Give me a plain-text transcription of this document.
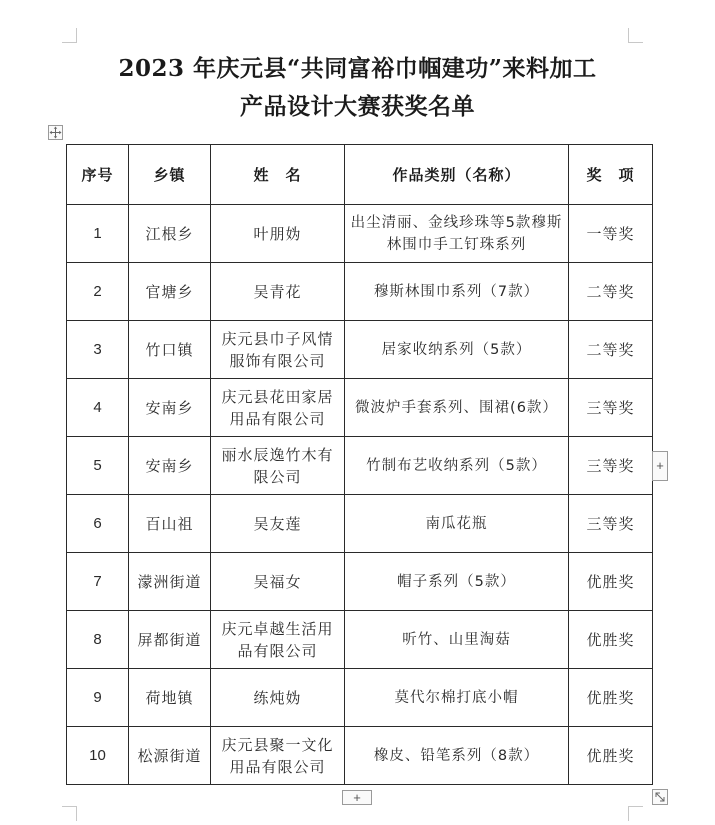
2023 年庆元县“共同富裕巾帼建功”来料加工
产品设计大赛获奖名单
序号	乡镇	姓　名	作品类别（名称）	奖　项
1	江根乡	叶朋妫	出尘清丽、金线珍珠等5款穆斯林围巾手工钉珠系列	一等奖
2	官塘乡	吴青花	穆斯林围巾系列（7款）	二等奖
3	竹口镇	庆元县巾子风情服饰有限公司	居家收纳系列（5款）	二等奖
4	安南乡	庆元县花田家居用品有限公司	微波炉手套系列、围裙(6款）	三等奖
5	安南乡	丽水辰逸竹木有限公司	竹制布艺收纳系列（5款）	三等奖
6	百山祖	吴友莲	南瓜花瓶	三等奖
7	濛洲街道	吴福女	帽子系列（5款）	优胜奖
8	屏都街道	庆元卓越生活用品有限公司	听竹、山里淘菇	优胜奖
9	荷地镇	练炖妫	莫代尔棉打底小帽	优胜奖
10	松源街道	庆元县聚一文化用品有限公司	橡皮、铅笔系列（8款）	优胜奖
+
+
